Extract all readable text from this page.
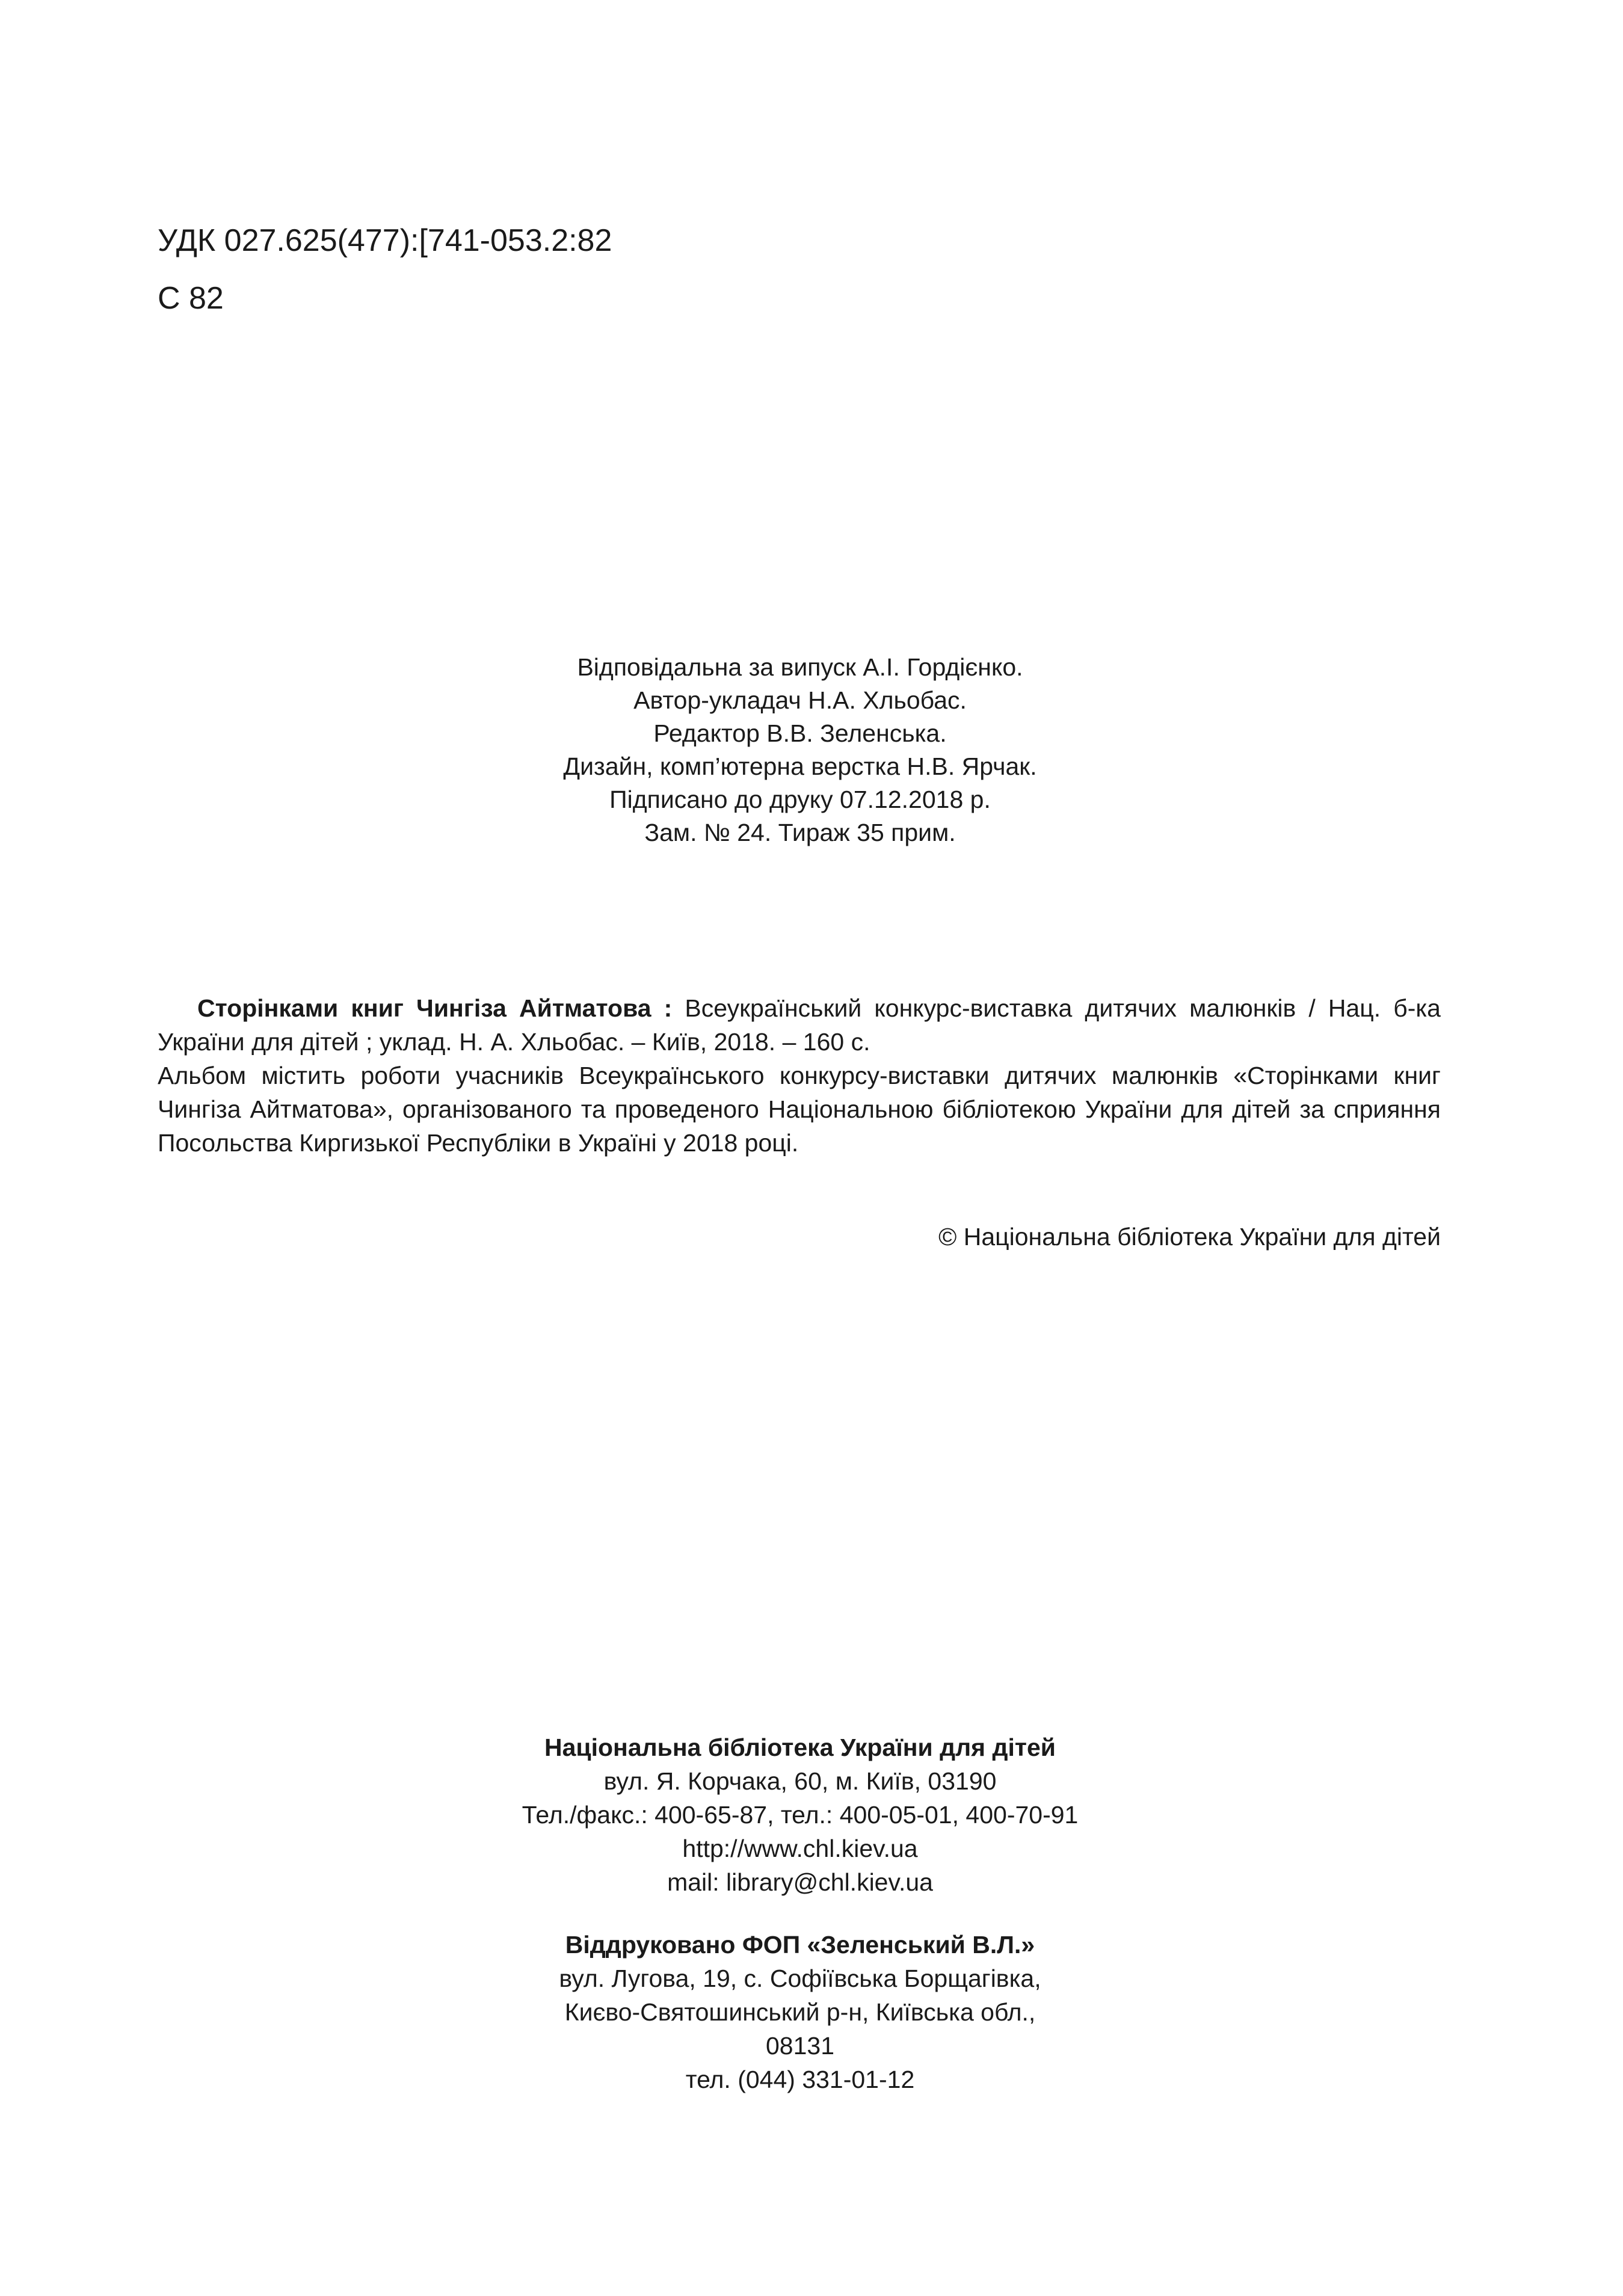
УДК 027.625(477):[741-053.2:82
С 82
Відповідальна за випуск А.І. Гордієнко.
Автор-укладач Н.А. Хльобас.
Редактор В.В. Зеленська.
Дизайн, комп’ютерна верстка Н.В. Ярчак.
Підписано до друку 07.12.2018 р.
Зам. № 24. Тираж 35 прим.

Сторінками книг Чингіза Айтматова : Всеукраїнський конкурс-виставка дитячих малюнків / Нац. б-ка України для дітей ; уклад. Н. А. Хльобас. – Київ, 2018. – 160 с.

Альбом містить роботи учасників Всеукраїнського конкурсу-виставки дитячих малюнків «Сторінками книг Чингіза Айтматова», організованого та проведеного Національною бібліотекою України для дітей за сприяння Посольства Киргизької Республіки в Україні у 2018 році.

© Національна бібліотека України для дітей
Національна бібліотека України для дітей
вул. Я. Корчака, 60, м. Київ, 03190
Тел./факс.: 400-65-87, тел.: 400-05-01, 400-70-91
http://www.chl.kiev.ua
mail: library@chl.kiev.ua
Віддруковано ФОП «Зеленський В.Л.»
вул. Лугова, 19, с. Софіївська Борщагівка,
Києво-Святошинський р-н, Київська обл.,
08131
тел. (044) 331-01-12
